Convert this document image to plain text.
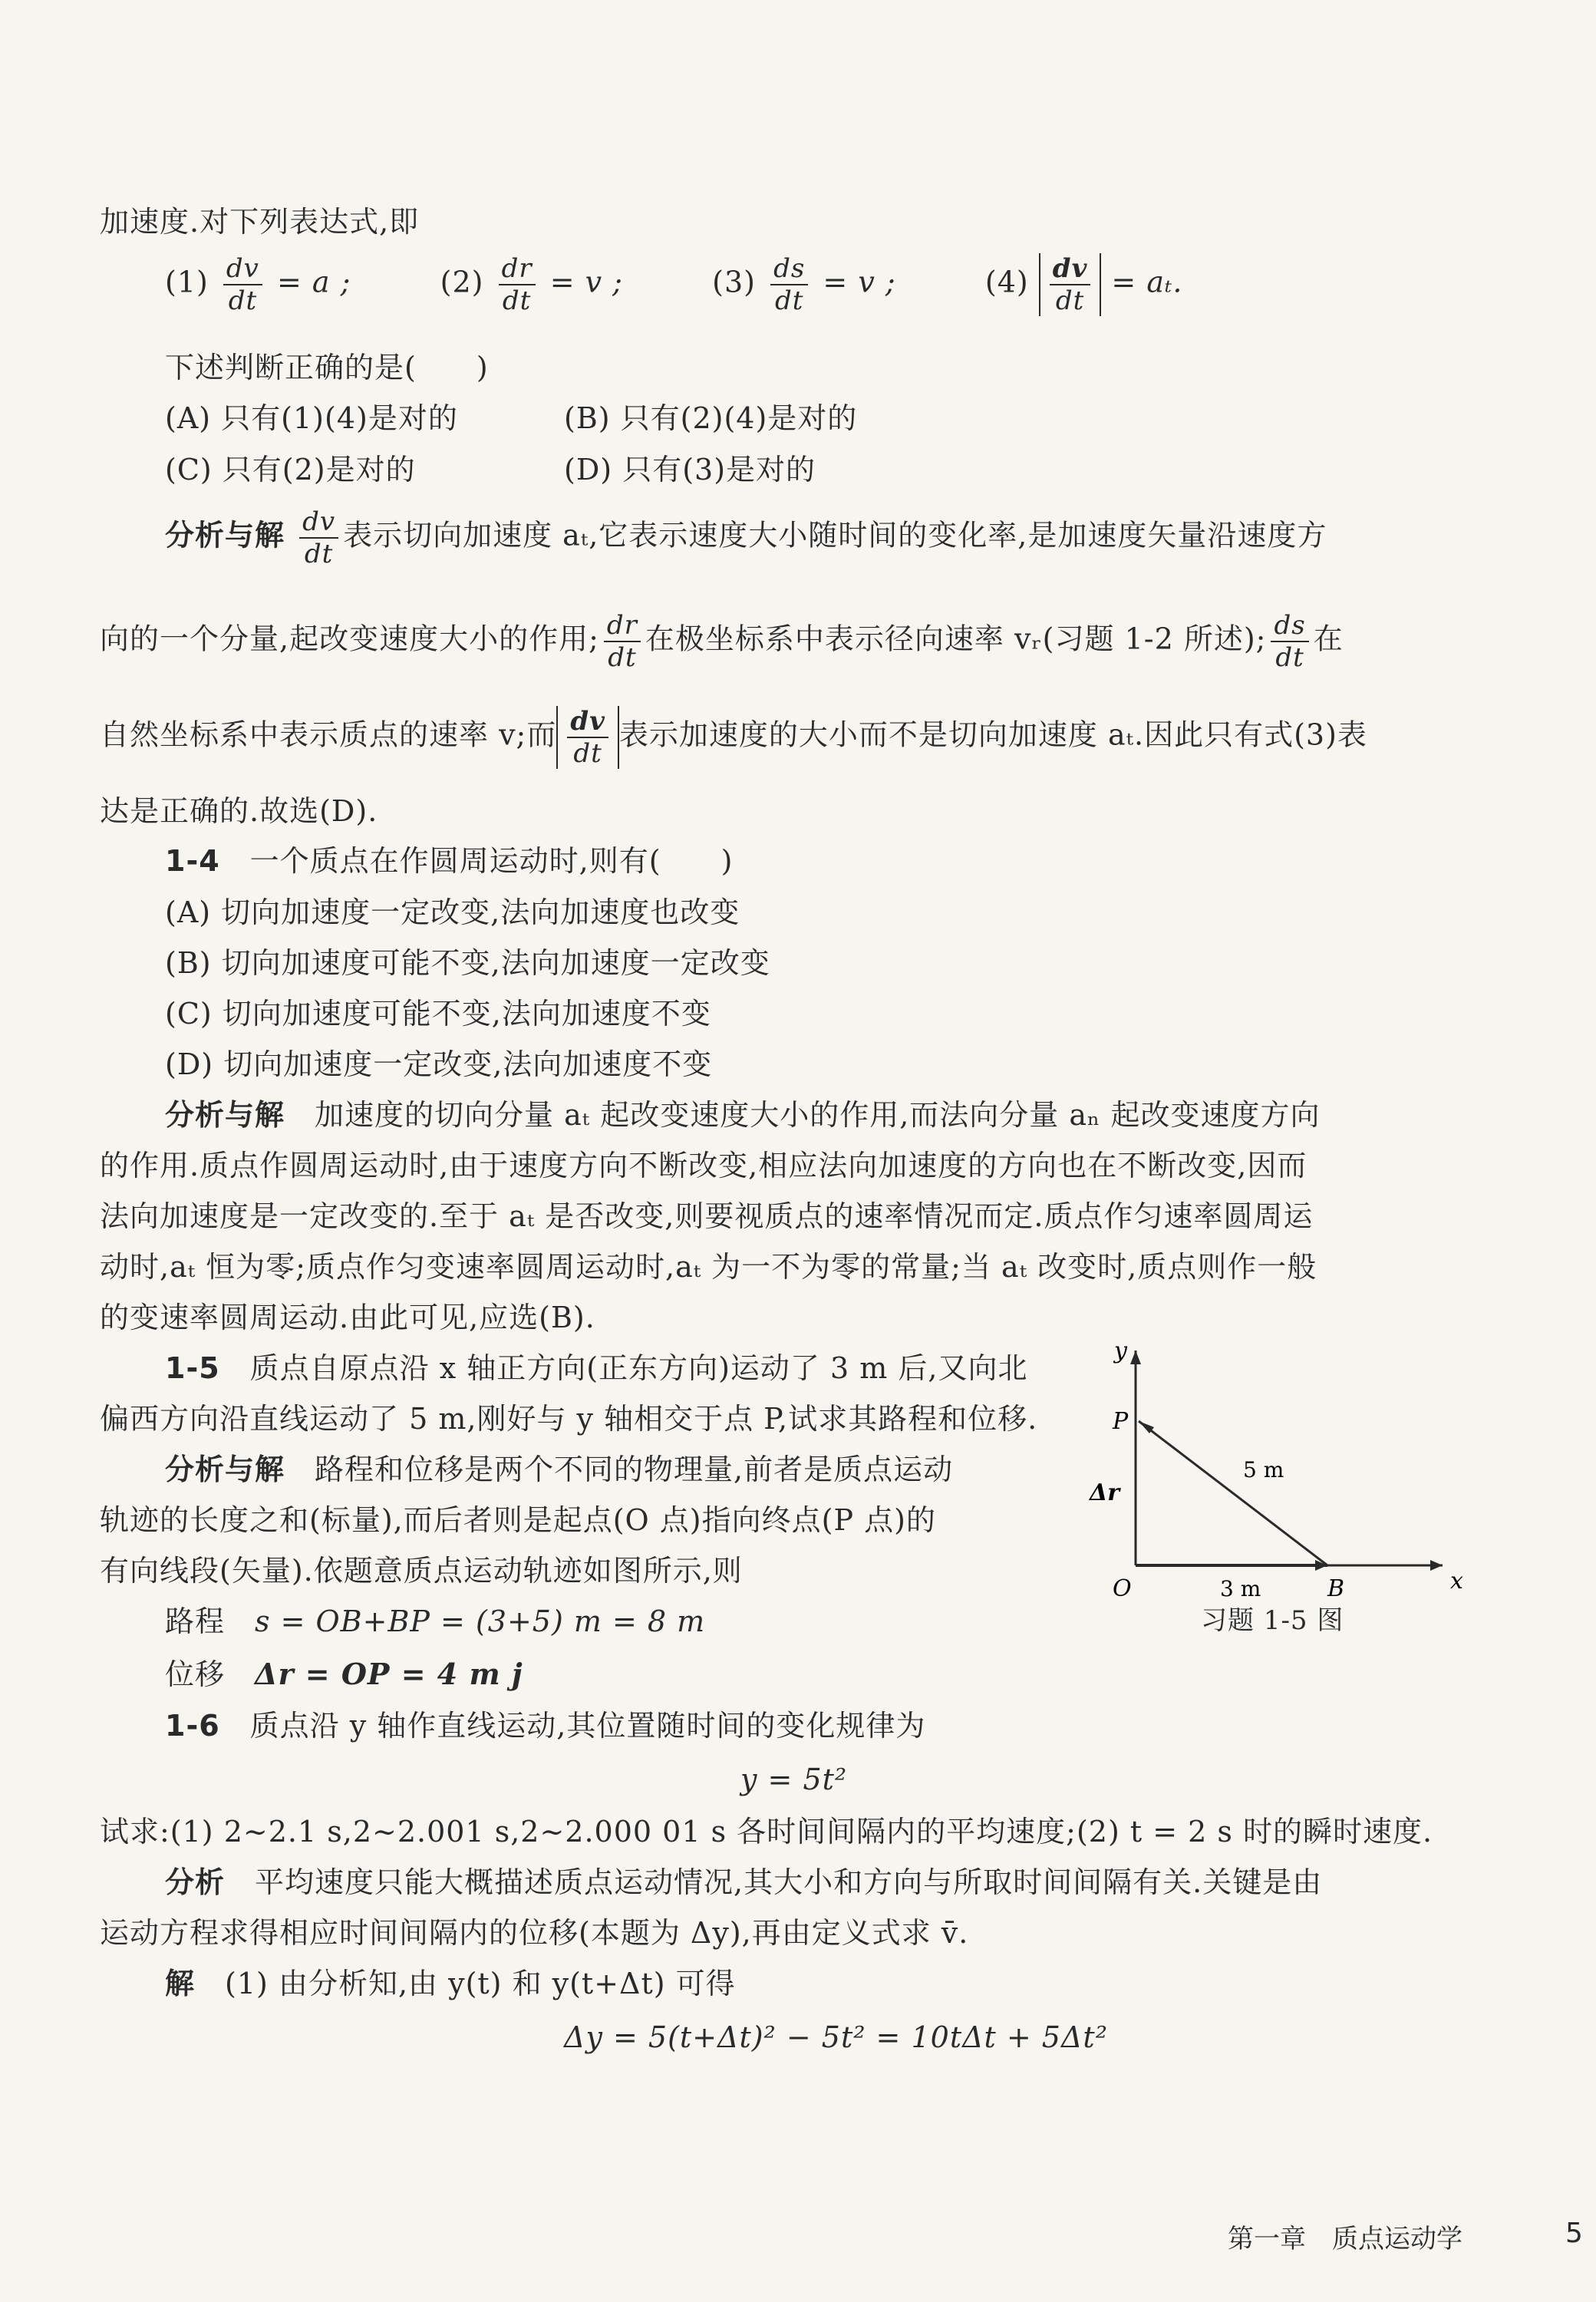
加速度.对下列表达式,即
$(1) \frac{dv}{dt} = a$ ;	$(2) \frac{dr}{dt} = v$ ;	$(3) \frac{ds}{dt} = v$ ;	$(4) \frac{dv}{dt} = a_t$.
下述判断正确的是(　　)
(A) 只有(1)(4)是对的	(B) 只有(2)(4)是对的
(C) 只有(2)是对的	(D) 只有(3)是对的
分析与解 $\frac{dv}{dt}$ 表示切向加速度 aₜ,它表示速度大小随时间的变化率,是加速度矢量沿速度方
向的一个分量,起改变速度大小的作用; $\frac{dr}{dt}$ 在极坐标系中表示径向速率 vᵣ(习题 1-2 所述); $\frac{ds}{dt}$ 在
自然坐标系中表示质点的速率 v;而 $\frac{dv}{dt}$ 表示加速度的大小而不是切向加速度 aₜ.因此只有式(3)表
达是正确的.故选(D).
1-4　 一个质点在作圆周运动时,则有(　　)
(A) 切向加速度一定改变,法向加速度也改变
(B) 切向加速度可能不变,法向加速度一定改变
(C) 切向加速度可能不变,法向加速度不变
(D) 切向加速度一定改变,法向加速度不变
分析与解　 加速度的切向分量 aₜ 起改变速度大小的作用,而法向分量 aₙ 起改变速度方向
的作用.质点作圆周运动时,由于速度方向不断改变,相应法向加速度的方向也在不断改变,因而
法向加速度是一定改变的.至于 aₜ 是否改变,则要视质点的速率情况而定.质点作匀速率圆周运
动时,aₜ 恒为零;质点作匀变速率圆周运动时,aₜ 为一不为零的常量;当 aₜ 改变时,质点则作一般
的变速率圆周运动.由此可见,应选(B).
1-5　 质点自原点沿 x 轴正方向(正东方向)运动了 3 m 后,又向北
偏西方向沿直线运动了 5 m,刚好与 y 轴相交于点 P,试求其路程和位移.
分析与解　 路程和位移是两个不同的物理量,前者是质点运动
轨迹的长度之和(标量),而后者则是起点(O 点)指向终点(P 点)的
有向线段(矢量).依题意质点运动轨迹如图所示,则
路程　 s = OB+BP = (3+5) m = 8 m
位移　 Δr = OP = 4 m j
y
x
O
P
B
Δr
5 m
3 m
习题 1-5 图
1-6　 质点沿 y 轴作直线运动,其位置随时间的变化规律为
y = 5t²
试求:(1) 2~2.1 s,2~2.001 s,2~2.000 01 s 各时间间隔内的平均速度;(2) t = 2 s 时的瞬时速度.
分析　 平均速度只能大概描述质点运动情况,其大小和方向与所取时间间隔有关.关键是由
运动方程求得相应时间间隔内的位移(本题为 Δy),再由定义式求 v̄.
解　 (1) 由分析知,由 y(t) 和 y(t+Δt) 可得
Δy = 5(t+Δt)² − 5t² = 10tΔt + 5Δt²
第一章　质点运动学	5
